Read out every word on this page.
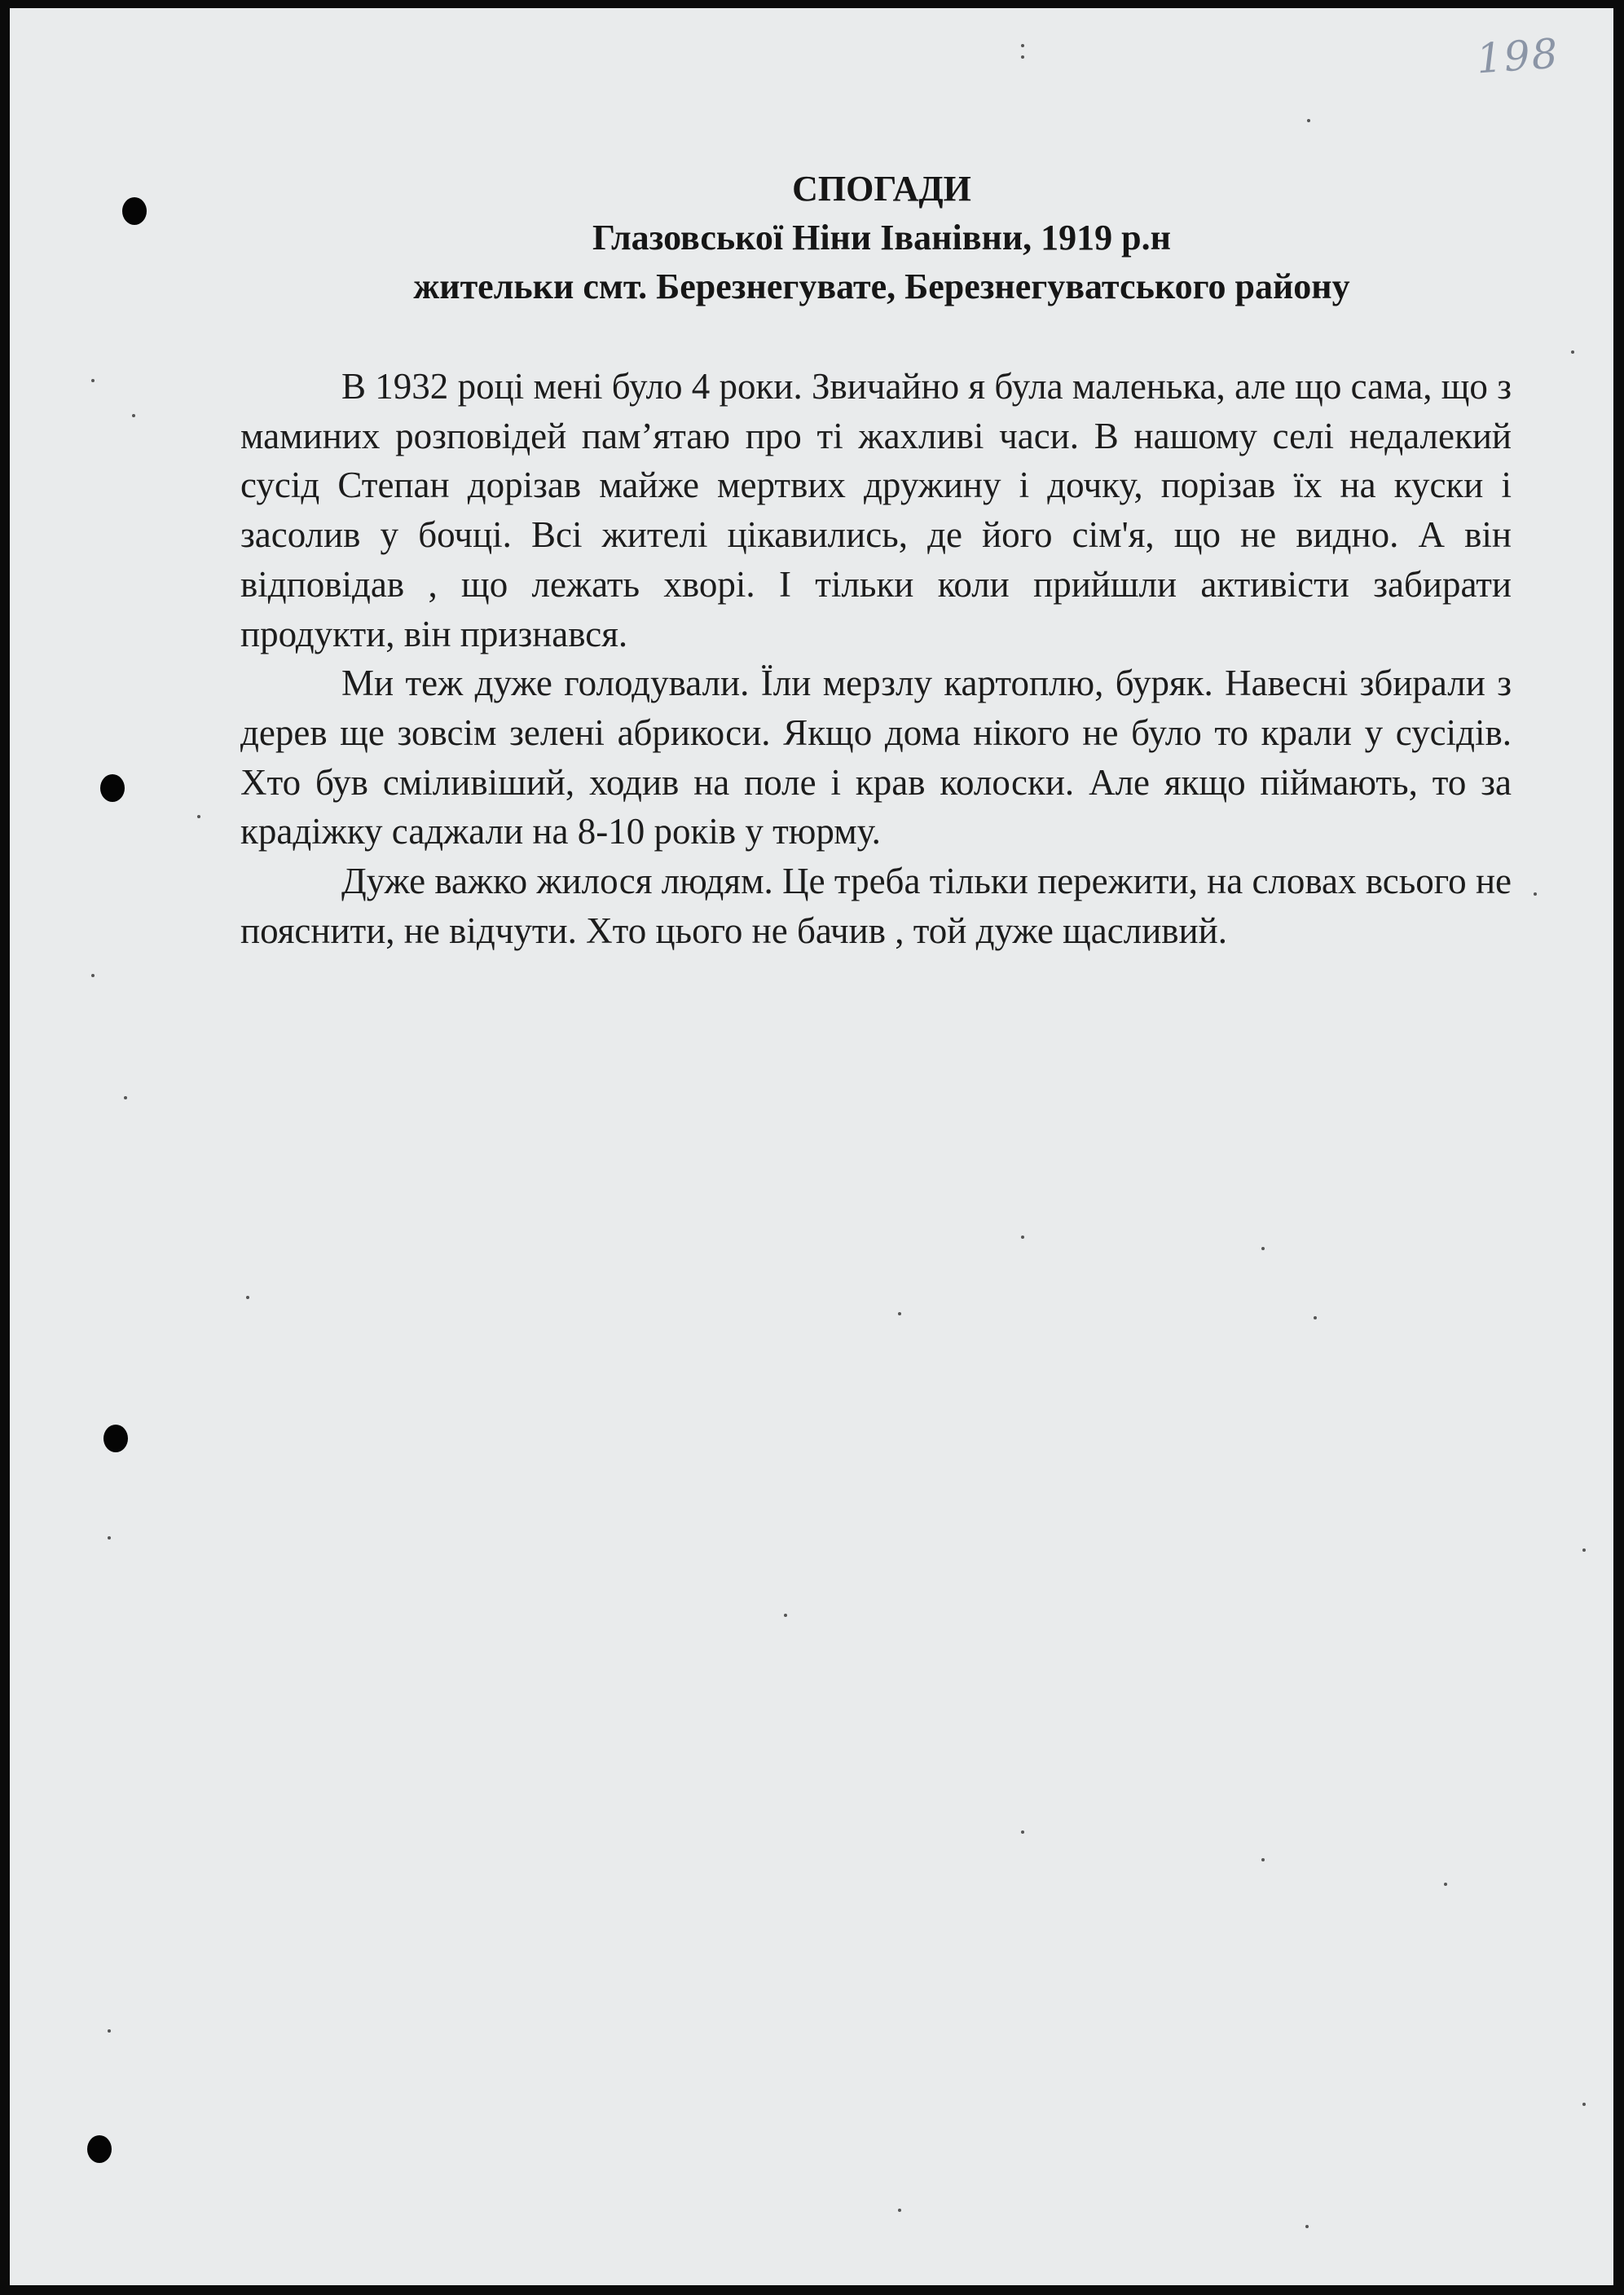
198
СПОГАДИ
Глазовської Ніни Іванівни, 1919 р.н
жительки смт. Березнегувате, Березнегуватського району

В 1932 році мені було 4 роки. Звичайно я була маленька, але що сама, що з маминих розповідей пам’ятаю про ті жахливі часи. В нашому селі недалекий сусід Степан дорізав майже мертвих дружину і дочку, порізав їх на куски і засолив у бочці. Всі жителі цікавились, де його сім'я, що не видно. А він відповідав , що лежать хворі. І тільки коли прийшли активісти забирати продукти, він признався.

Ми теж дуже голодували. Їли мерзлу картоплю, буряк. Навесні збирали з дерев ще зовсім зелені абрикоси. Якщо дома нікого не було то крали у сусідів. Хто був сміливіший, ходив на поле і крав колоски. Але якщо піймають, то за крадіжку саджали на 8-10 років у тюрму.

Дуже важко жилося людям. Це треба тільки пережити, на словах всього не пояснити, не відчути. Хто цього не бачив , той дуже щасливий.
